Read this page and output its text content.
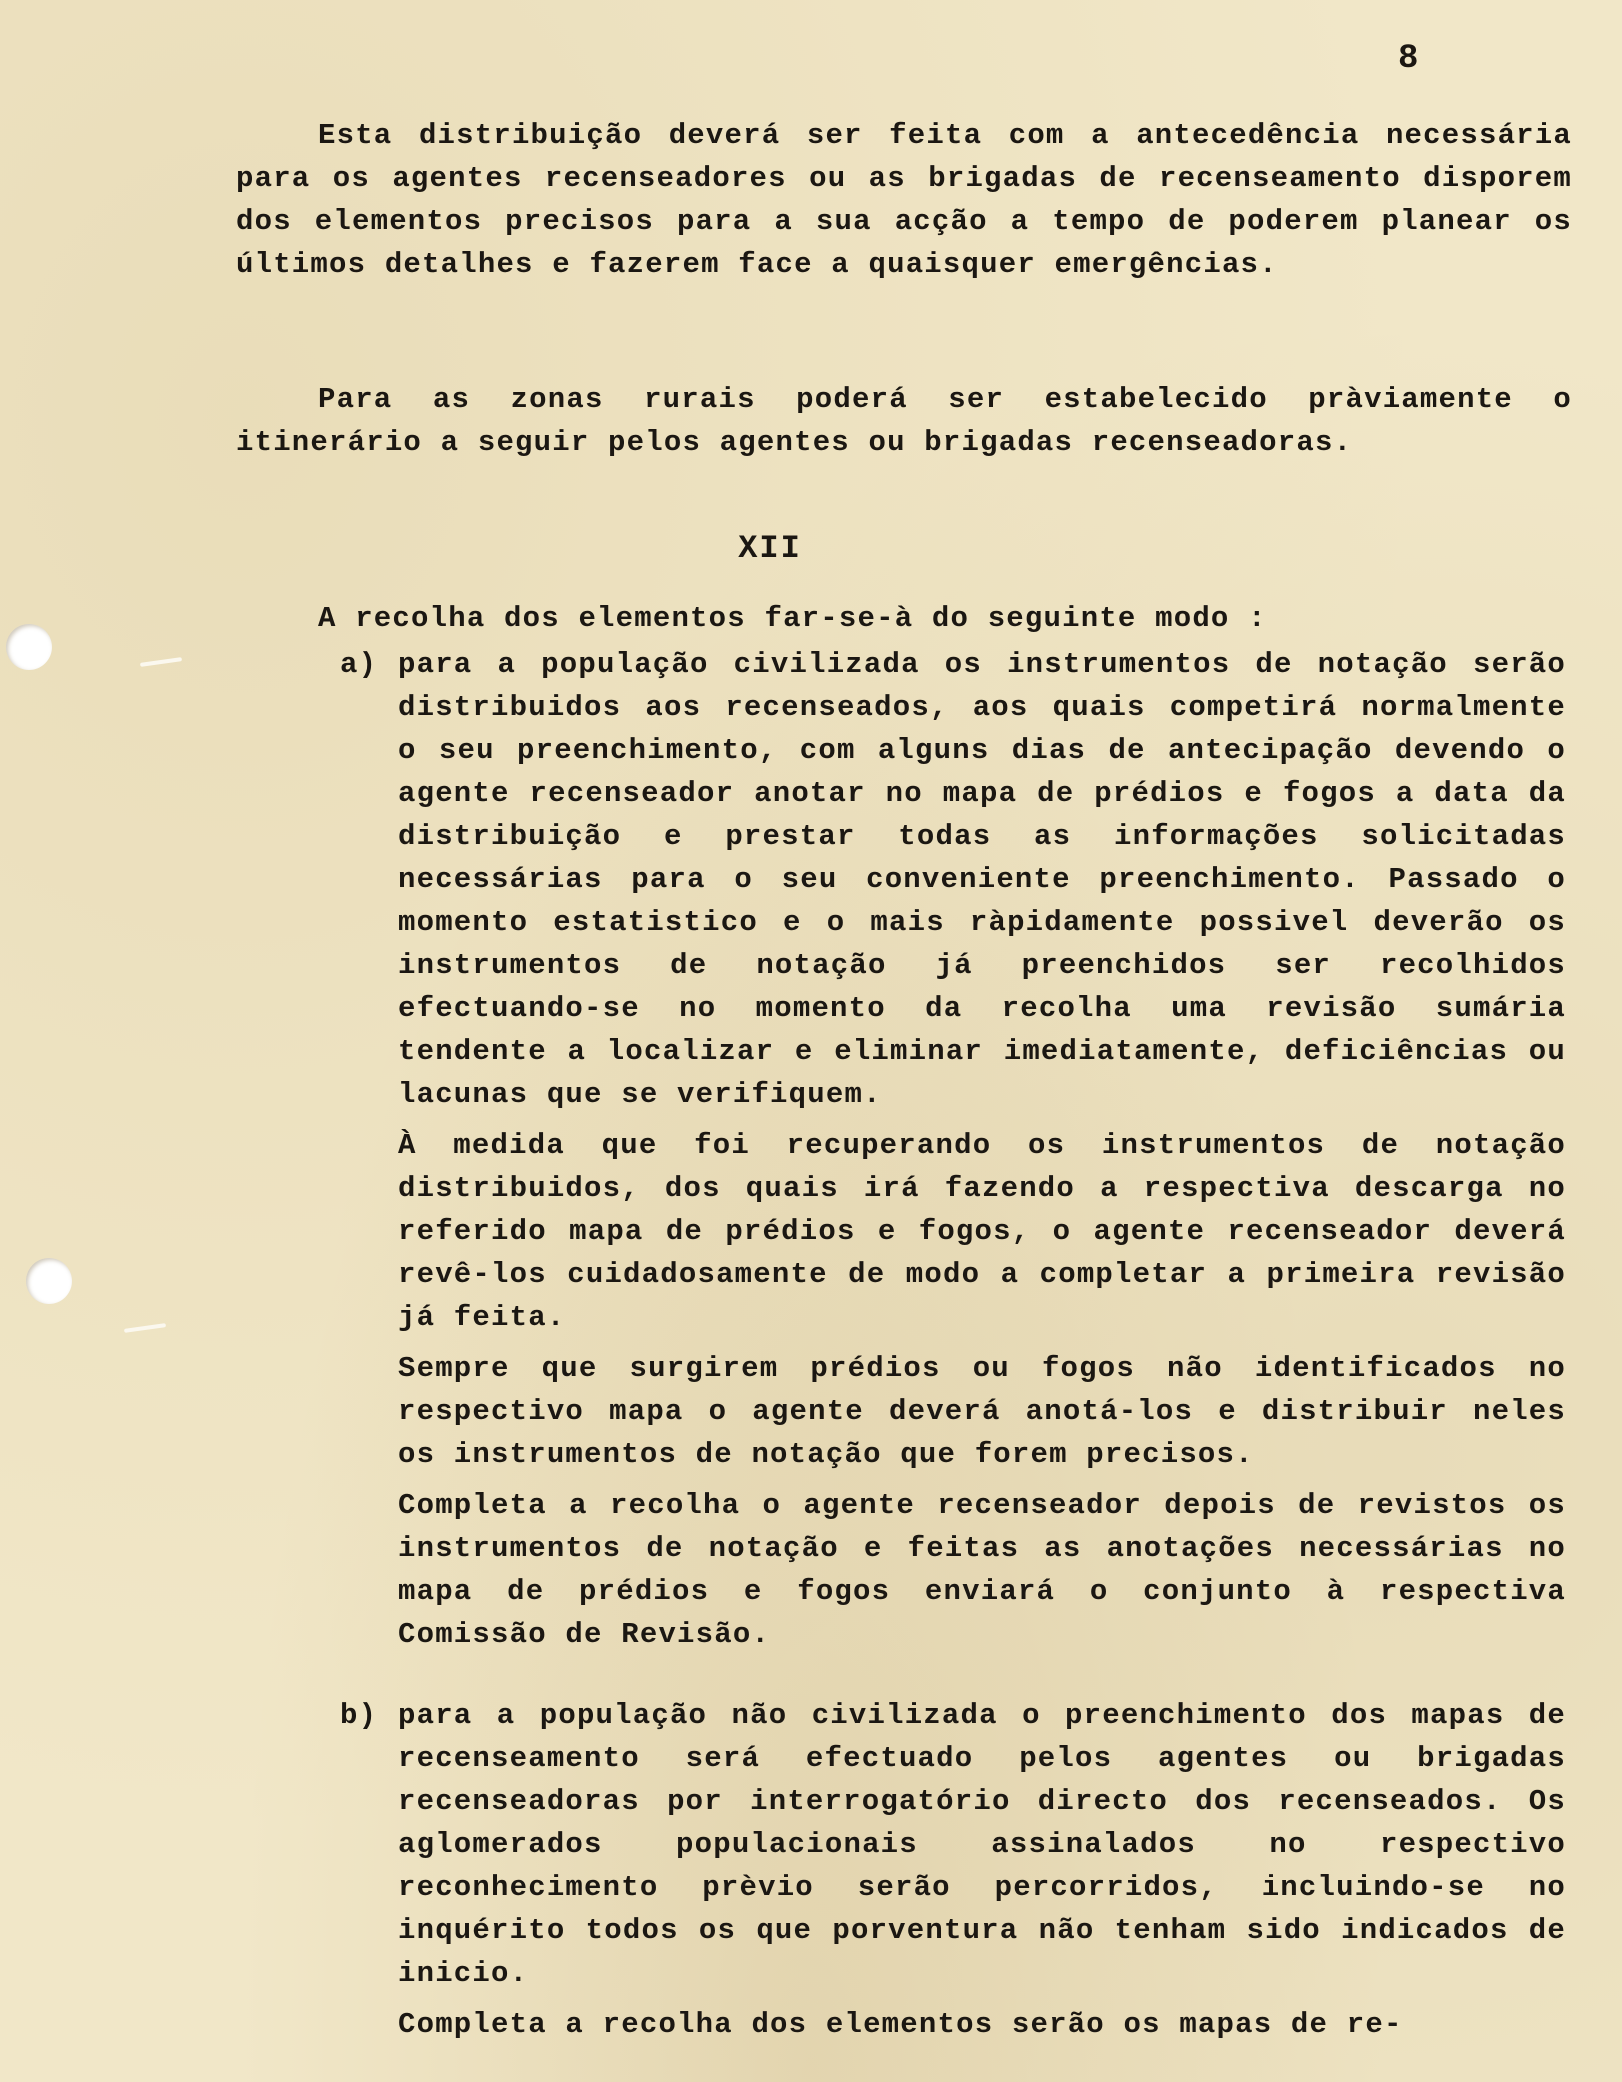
8

Esta distribuição deverá ser feita com a antecedência necessária para os agentes recenseadores ou as brigadas de recenseamento disporem dos elementos precisos para a sua acção a tempo de poderem planear os últimos detalhes e fazerem face a quaisquer emergências.

Para as zonas rurais poderá ser estabelecido pràviamente o itinerário a seguir pelos agentes ou brigadas recenseadoras.

XII

A recolha dos elementos far-se-à do seguinte modo :

a) para a população civilizada os instrumentos de notação serão distribuidos aos recenseados, aos quais competirá normalmente o seu preenchimento, com alguns dias de antecipação devendo o agente recenseador anotar no mapa de prédios e fogos a data da distribuição e prestar todas as informações solicitadas necessárias para o seu conveniente preenchimento. Passado o momento estatistico e o mais ràpidamente possivel deverão os instrumentos de notação já preenchidos ser recolhidos efectuando-se no momento da recolha uma revisão sumária tendente a localizar e eliminar imediatamente, deficiências ou lacunas que se verifiquem.

À medida que foi recuperando os instrumentos de notação distribuidos, dos quais irá fazendo a respectiva descarga no referido mapa de prédios e fogos, o agente recenseador deverá revê-los cuidadosamente de modo a completar a primeira revisão já feita.

Sempre que surgirem prédios ou fogos não identificados no respectivo mapa o agente deverá anotá-los e distribuir neles os instrumentos de notação que forem precisos.

Completa a recolha o agente recenseador depois de revistos os instrumentos de notação e feitas as anotações necessárias no mapa de prédios e fogos enviará o conjunto à respectiva Comissão de Revisão.

b) para a população não civilizada o preenchimento dos mapas de recenseamento será efectuado pelos agentes ou brigadas recenseadoras por interrogatório directo dos recenseados. Os aglomerados populacionais assinalados no respectivo reconhecimento prèvio serão percorridos, incluindo-se no inquérito todos os que porventura não tenham sido indicados de inicio.

Completa a recolha dos elementos serão os mapas de re-
